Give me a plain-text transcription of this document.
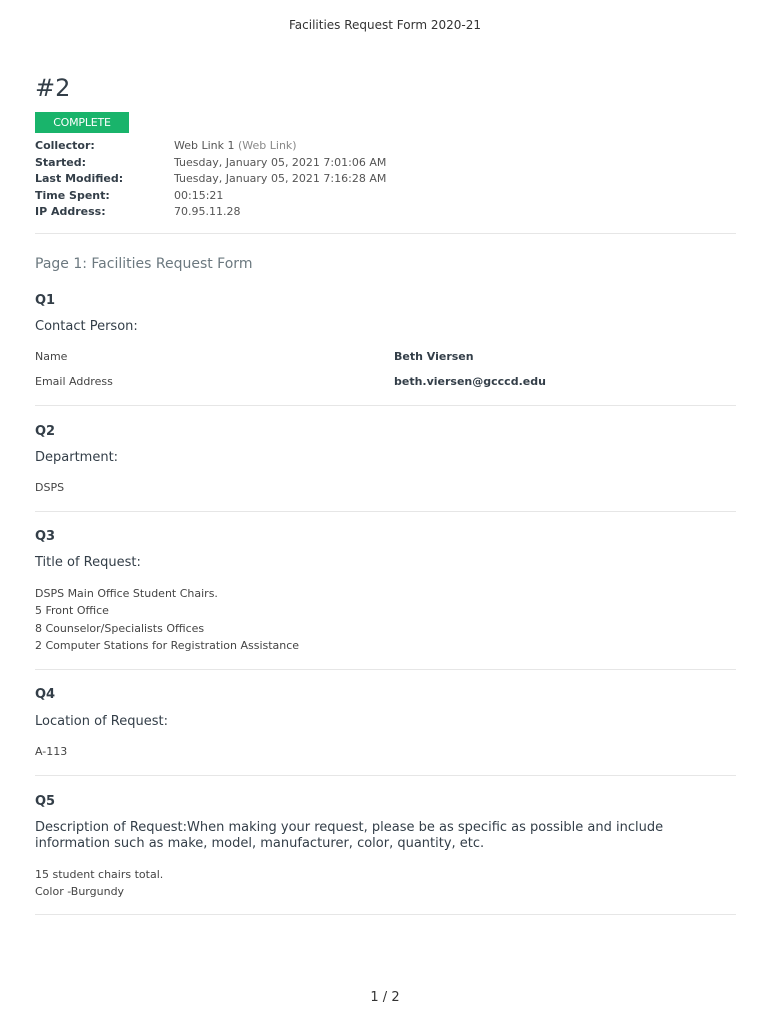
Facilities Request Form 2020-21
#2
COMPLETE
Collector:	Web Link 1 (Web Link)
Started:	Tuesday, January 05, 2021 7:01:06 AM
Last Modified:	Tuesday, January 05, 2021 7:16:28 AM
Time Spent:	00:15:21
IP Address:	70.95.11.28
Page 1: Facilities Request Form
Q1
Contact Person:
Name	Beth Viersen
Email Address	beth.viersen@gcccd.edu
Q2
Department:
DSPS
Q3
Title of Request:
DSPS Main Office Student Chairs.
5 Front Office
8 Counselor/Specialists Offices
2 Computer Stations for Registration Assistance
Q4
Location of Request:
A-113
Q5
Description of Request:When making your request, please be as specific as possible and include information such as make, model, manufacturer, color, quantity, etc.
15 student chairs total.
Color -Burgundy
1 / 2
